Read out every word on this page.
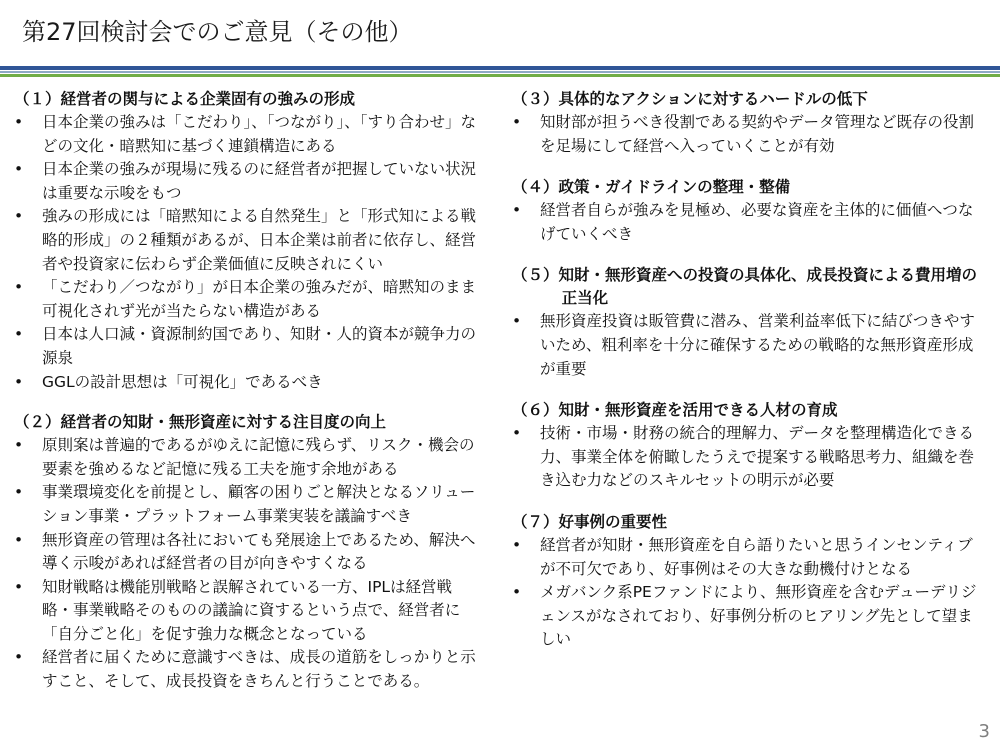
第27回検討会でのご意見（その他）
（１）経営者の関与による企業固有の強みの形成
•	日本企業の強みは「こだわり」、「つながり」、「すり合わせ」などの文化・暗黙知に基づく連鎖構造にある
•	日本企業の強みが現場に残るのに経営者が把握していない状況は重要な示唆をもつ
•	強みの形成には「暗黙知による自然発生」と「形式知による戦略的形成」の２種類があるが、日本企業は前者に依存し、経営者や投資家に伝わらず企業価値に反映されにくい
•	「こだわり／つながり」が日本企業の強みだが、暗黙知のまま可視化されず光が当たらない構造がある
•	日本は人口減・資源制約国であり、知財・人的資本が競争力の源泉
•	GGLの設計思想は「可視化」であるべき
（２）経営者の知財・無形資産に対する注目度の向上
•	原則案は普遍的であるがゆえに記憶に残らず、リスク・機会の要素を強めるなど記憶に残る工夫を施す余地がある
•	事業環境変化を前提とし、顧客の困りごと解決となるソリューション事業・プラットフォーム事業実装を議論すべき
•	無形資産の管理は各社においても発展途上であるため、解決へ導く示唆があれば経営者の目が向きやすくなる
•	知財戦略は機能別戦略と誤解されている一方、IPLは経営戦略・事業戦略そのものの議論に資するという点で、経営者に「自分ごと化」を促す強力な概念となっている
•	経営者に届くために意識すべきは、成長の道筋をしっかりと示すこと、そして、成長投資をきちんと行うことである。
（３）具体的なアクションに対するハードルの低下
•	知財部が担うべき役割である契約やデータ管理など既存の役割を足場にして経営へ入っていくことが有効
（４）政策・ガイドラインの整理・整備
•	経営者自らが強みを見極め、必要な資産を主体的に価値へつなげていくべき
（５）知財・無形資産への投資の具体化、成長投資による費用増の正当化
•	無形資産投資は販管費に潜み、営業利益率低下に結びつきやすいため、粗利率を十分に確保するための戦略的な無形資産形成が重要
（６）知財・無形資産を活用できる人材の育成
•	技術・市場・財務の統合的理解力、データを整理構造化できる力、事業全体を俯瞰したうえで提案する戦略思考力、組織を巻き込む力などのスキルセットの明示が必要
（７）好事例の重要性
•	経営者が知財・無形資産を自ら語りたいと思うインセンティブが不可欠であり、好事例はその大きな動機付けとなる
•	メガバンク系PEファンドにより、無形資産を含むデューデリジェンスがなされており、好事例分析のヒアリング先として望ましい
3
